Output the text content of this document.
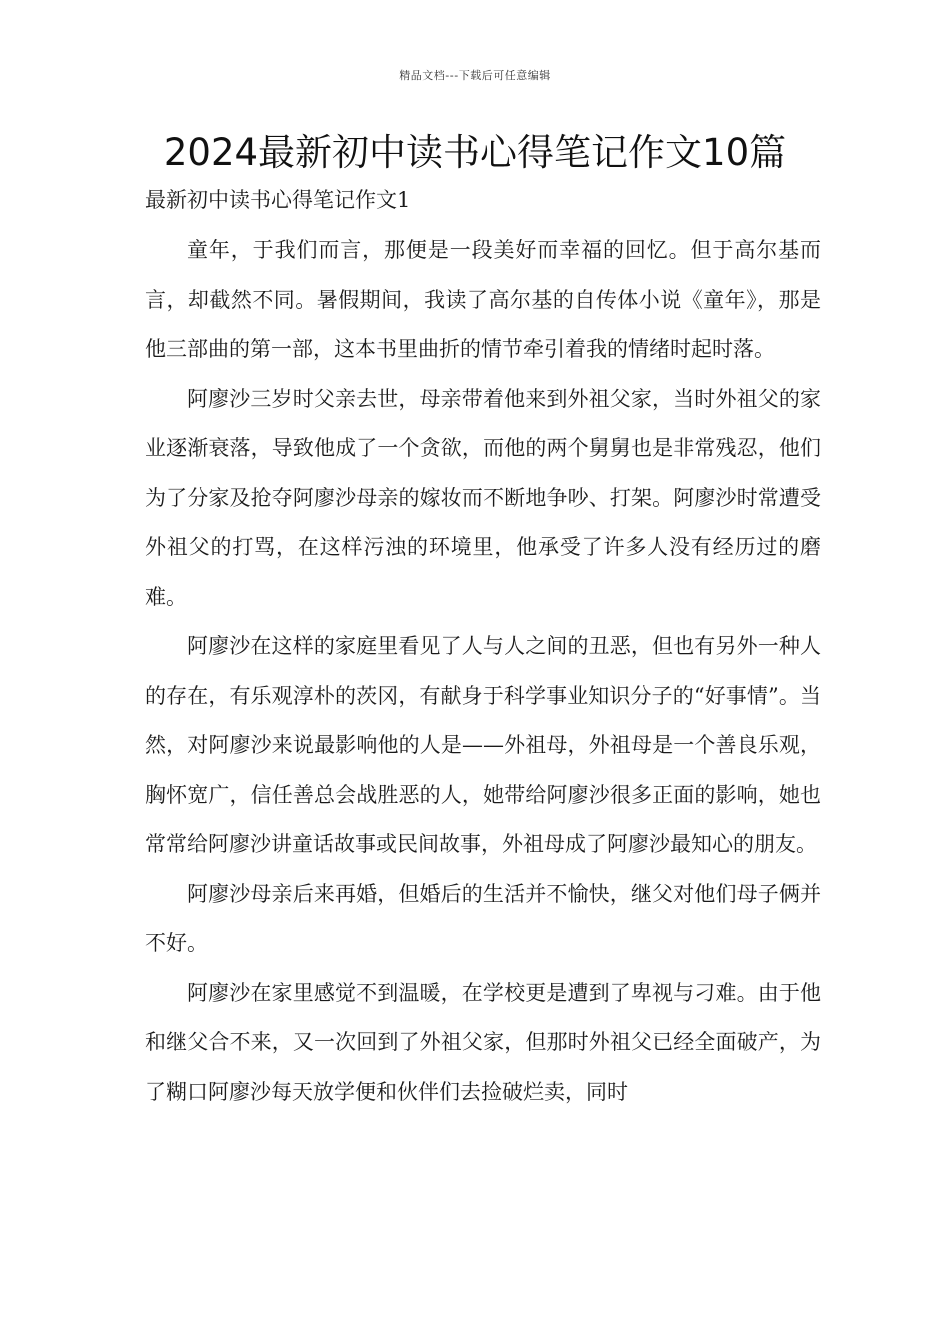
精品文档---下载后可任意编辑
2024最新初中读书心得笔记作文10篇
最新初中读书心得笔记作文1

童年，于我们而言，那便是一段美好而幸福的回忆。但于高尔基而言，却截然不同。暑假期间，我读了高尔基的自传体小说《童年》，那是他三部曲的第一部，这本书里曲折的情节牵引着我的情绪时起时落。

阿廖沙三岁时父亲去世，母亲带着他来到外祖父家，当时外祖父的家业逐渐衰落，导致他成了一个贪欲，而他的两个舅舅也是非常残忍，他们为了分家及抢夺阿廖沙母亲的嫁妆而不断地争吵、打架。阿廖沙时常遭受外祖父的打骂，在这样污浊的环境里，他承受了许多人没有经历过的磨难。

阿廖沙在这样的家庭里看见了人与人之间的丑恶，但也有另外一种人的存在，有乐观淳朴的茨冈，有献身于科学事业知识分子的“好事情”。当然，对阿廖沙来说最影响他的人是——外祖母，外祖母是一个善良乐观，胸怀宽广，信任善总会战胜恶的人，她带给阿廖沙很多正面的影响，她也常常给阿廖沙讲童话故事或民间故事，外祖母成了阿廖沙最知心的朋友。

阿廖沙母亲后来再婚，但婚后的生活并不愉快，继父对他们母子俩并不好。

阿廖沙在家里感觉不到温暖，在学校更是遭到了卑视与刁难。由于他和继父合不来，又一次回到了外祖父家，但那时外祖父已经全面破产，为了糊口阿廖沙每天放学便和伙伴们去捡破烂卖，同时
